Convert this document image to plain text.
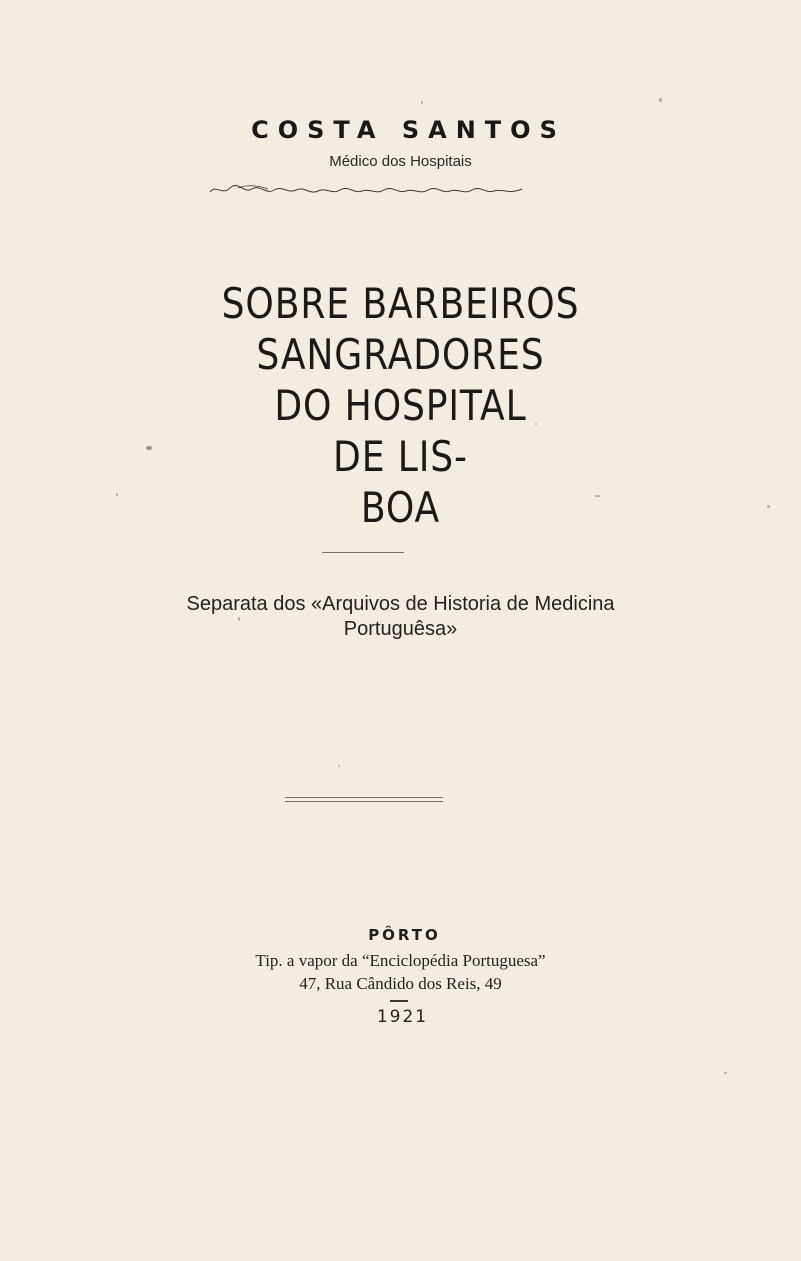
COSTA SANTOS
Médico dos Hospitais
SOBRE BARBEIROS
SANGRADORES
DO HOSPITAL
DE LIS-
BOA
Separata dos «Arquivos de Historia de Medicina
Portuguêsa»
PÔRTO
Tip. a vapor da “Enciclopédia Portuguesa”
47, Rua Cândido dos Reis, 49
1921
